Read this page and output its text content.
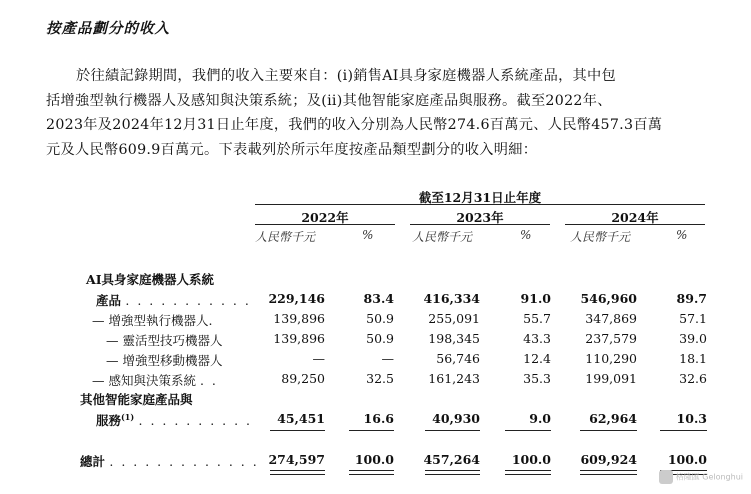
按產品劃分的收入
於往績記錄期間，我們的收入主要來自：(i)銷售AI具身家庭機器人系統產品，其中包
括增強型執行機器人及感知與決策系統；及(ii)其他智能家庭產品與服務。截至2022年、
2023年及2024年12月31日止年度，我們的收入分別為人民幣274.6百萬元、人民幣457.3百萬
元及人民幣609.9百萬元。下表載列於所示年度按產品類型劃分的收入明細：
截至12月31日止年度
2022年	2023年	2024年
人民幣千元	%	人民幣千元	%	人民幣千元	%
AI具身家庭機器人系統
產品 . . . . . . . . . . . 229,146	83.4 416,334	91.0 546,960	89.7
— 增強型執行機器人.	139,896	50.9	255,091	55.7	347,869	57.1
— 靈活型技巧機器人	139,896	50.9	198,345	43.3	237,579	39.0
— 增強型移動機器人	—	—	56,746	12.4	110,290	18.1
— 感知與決策系統 . .	89,250	32.5	161,243	35.3	199,091	32.6
其他智能家庭產品與
服務$^{(1)}$ . . . . . . . . . . 45,451	16.6	40,930	9.0	62,964	10.3
總計 . . . . . . . . . . . . . 274,597 100.0 457,264	100.0 609,924 100.0
格隆匯 Gelonghui
